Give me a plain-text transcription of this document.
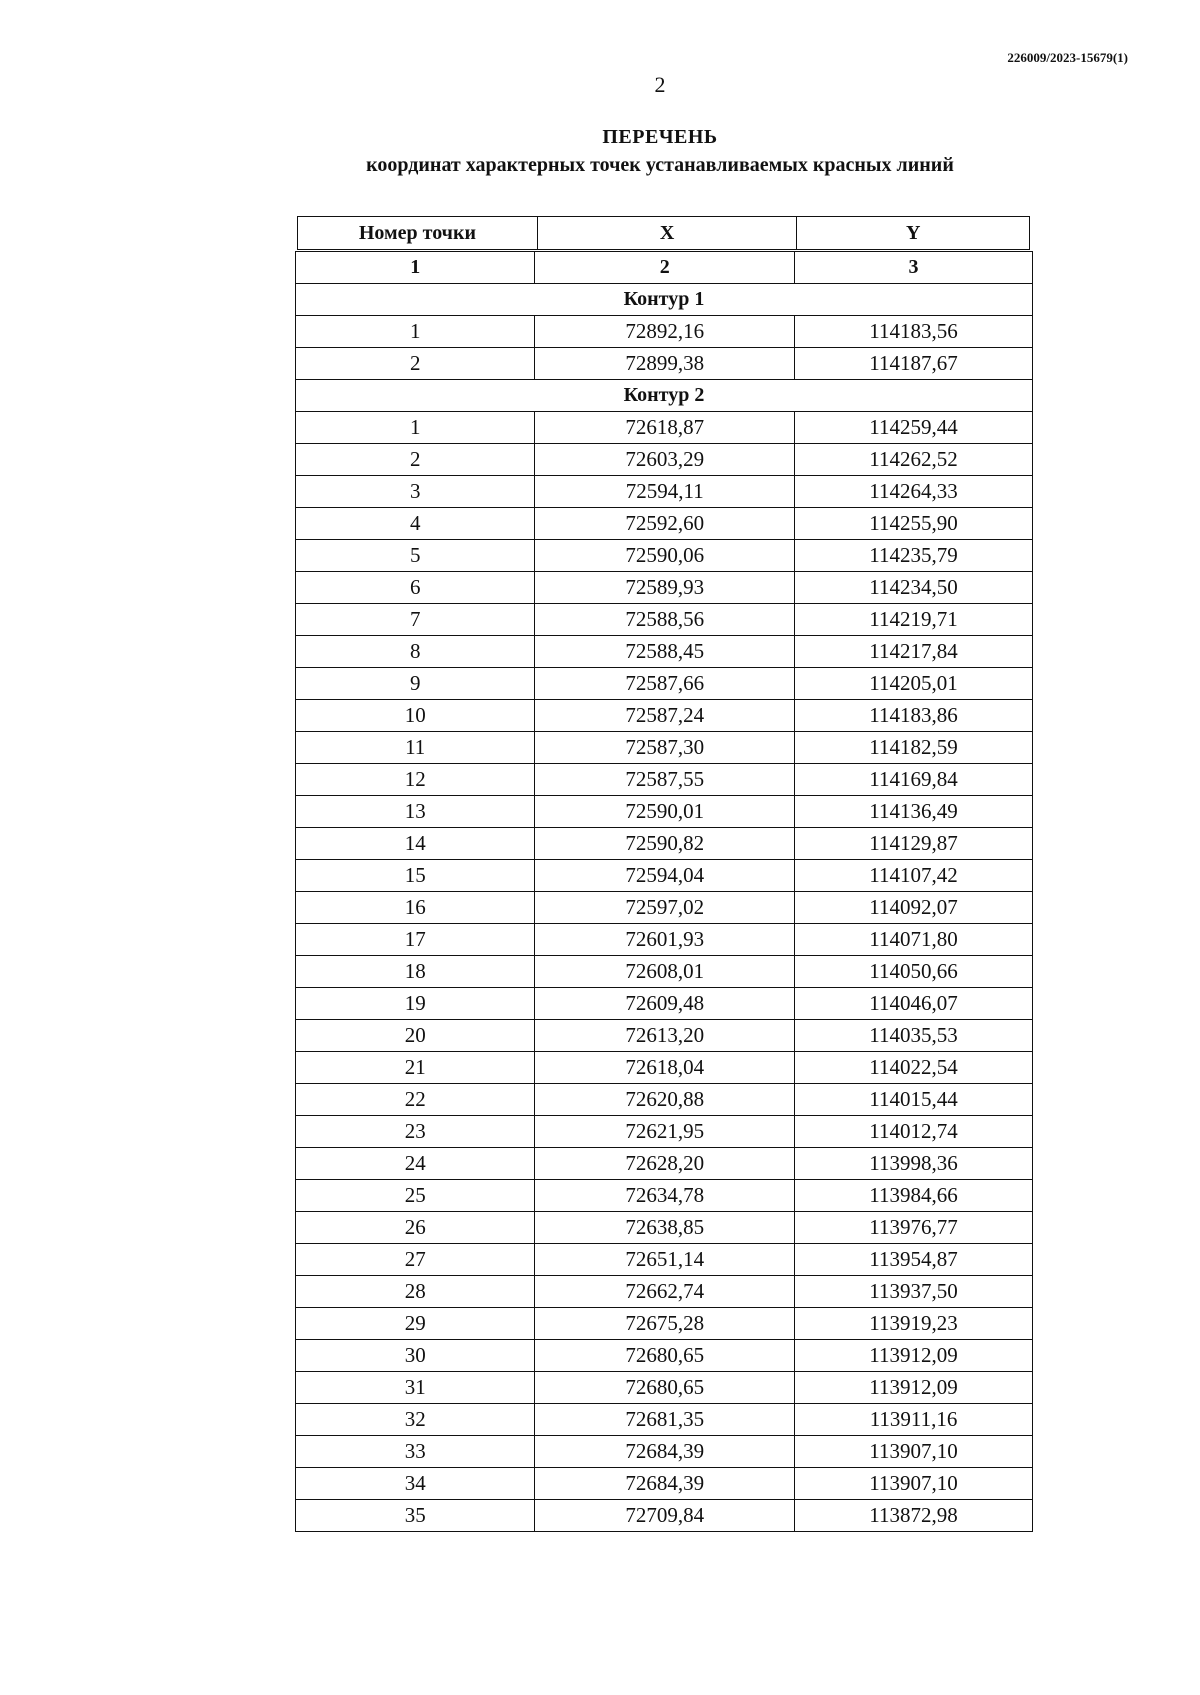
226009/2023-15679(1)
2
ПЕРЕЧЕНЬ
координат характерных точек устанавливаемых красных линий
Номер точки	X	Y
1	2	3
Контур 1		
1	72892,16	114183,56
2	72899,38	114187,67
Контур 2		
1	72618,87	114259,44
2	72603,29	114262,52
3	72594,11	114264,33
4	72592,60	114255,90
5	72590,06	114235,79
6	72589,93	114234,50
7	72588,56	114219,71
8	72588,45	114217,84
9	72587,66	114205,01
10	72587,24	114183,86
11	72587,30	114182,59
12	72587,55	114169,84
13	72590,01	114136,49
14	72590,82	114129,87
15	72594,04	114107,42
16	72597,02	114092,07
17	72601,93	114071,80
18	72608,01	114050,66
19	72609,48	114046,07
20	72613,20	114035,53
21	72618,04	114022,54
22	72620,88	114015,44
23	72621,95	114012,74
24	72628,20	113998,36
25	72634,78	113984,66
26	72638,85	113976,77
27	72651,14	113954,87
28	72662,74	113937,50
29	72675,28	113919,23
30	72680,65	113912,09
31	72680,65	113912,09
32	72681,35	113911,16
33	72684,39	113907,10
34	72684,39	113907,10
35	72709,84	113872,98
